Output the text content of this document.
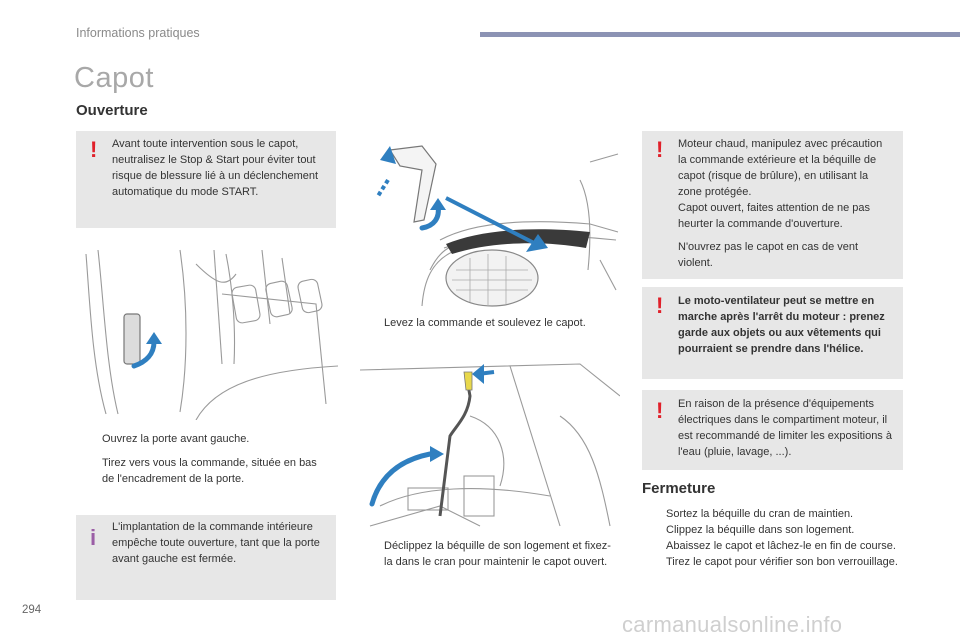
Informations pratiques
Capot
Ouverture
! Avant toute intervention sous le capot, neutralisez le Stop & Start pour éviter tout risque de blessure lié à un déclenchement automatique du mode START.

Ouvrez la porte avant gauche.
Tirez vers vous la commande, située en bas de l'encadrement de la porte.
i L'implantation de la commande intérieure empêche toute ouverture, tant que la porte avant gauche est fermée.

Levez la commande et soulevez le capot.
Déclippez la béquille de son logement et fixez-la dans le cran pour maintenir le capot ouvert.
! Moteur chaud, manipulez avec précaution la commande extérieure et la béquille de capot (risque de brûlure), en utilisant la zone protégée.

Capot ouvert, faites attention de ne pas heurter la commande d'ouverture.

N'ouvrez pas le capot en cas de vent violent.

! Le moto-ventilateur peut se mettre en marche après l'arrêt du moteur : prenez garde aux objets ou aux vêtements qui pourraient se prendre dans l'hélice.

! En raison de la présence d'équipements électriques dans le compartiment moteur, il est recommandé de limiter les expositions à l'eau (pluie, lavage, ...).

Fermeture
Sortez la béquille du cran de maintien.
Clippez la béquille dans son logement.
Abaissez le capot et lâchez-le en fin de course.
Tirez le capot pour vérifier son bon verrouillage.
294
carmanualsonline.info
